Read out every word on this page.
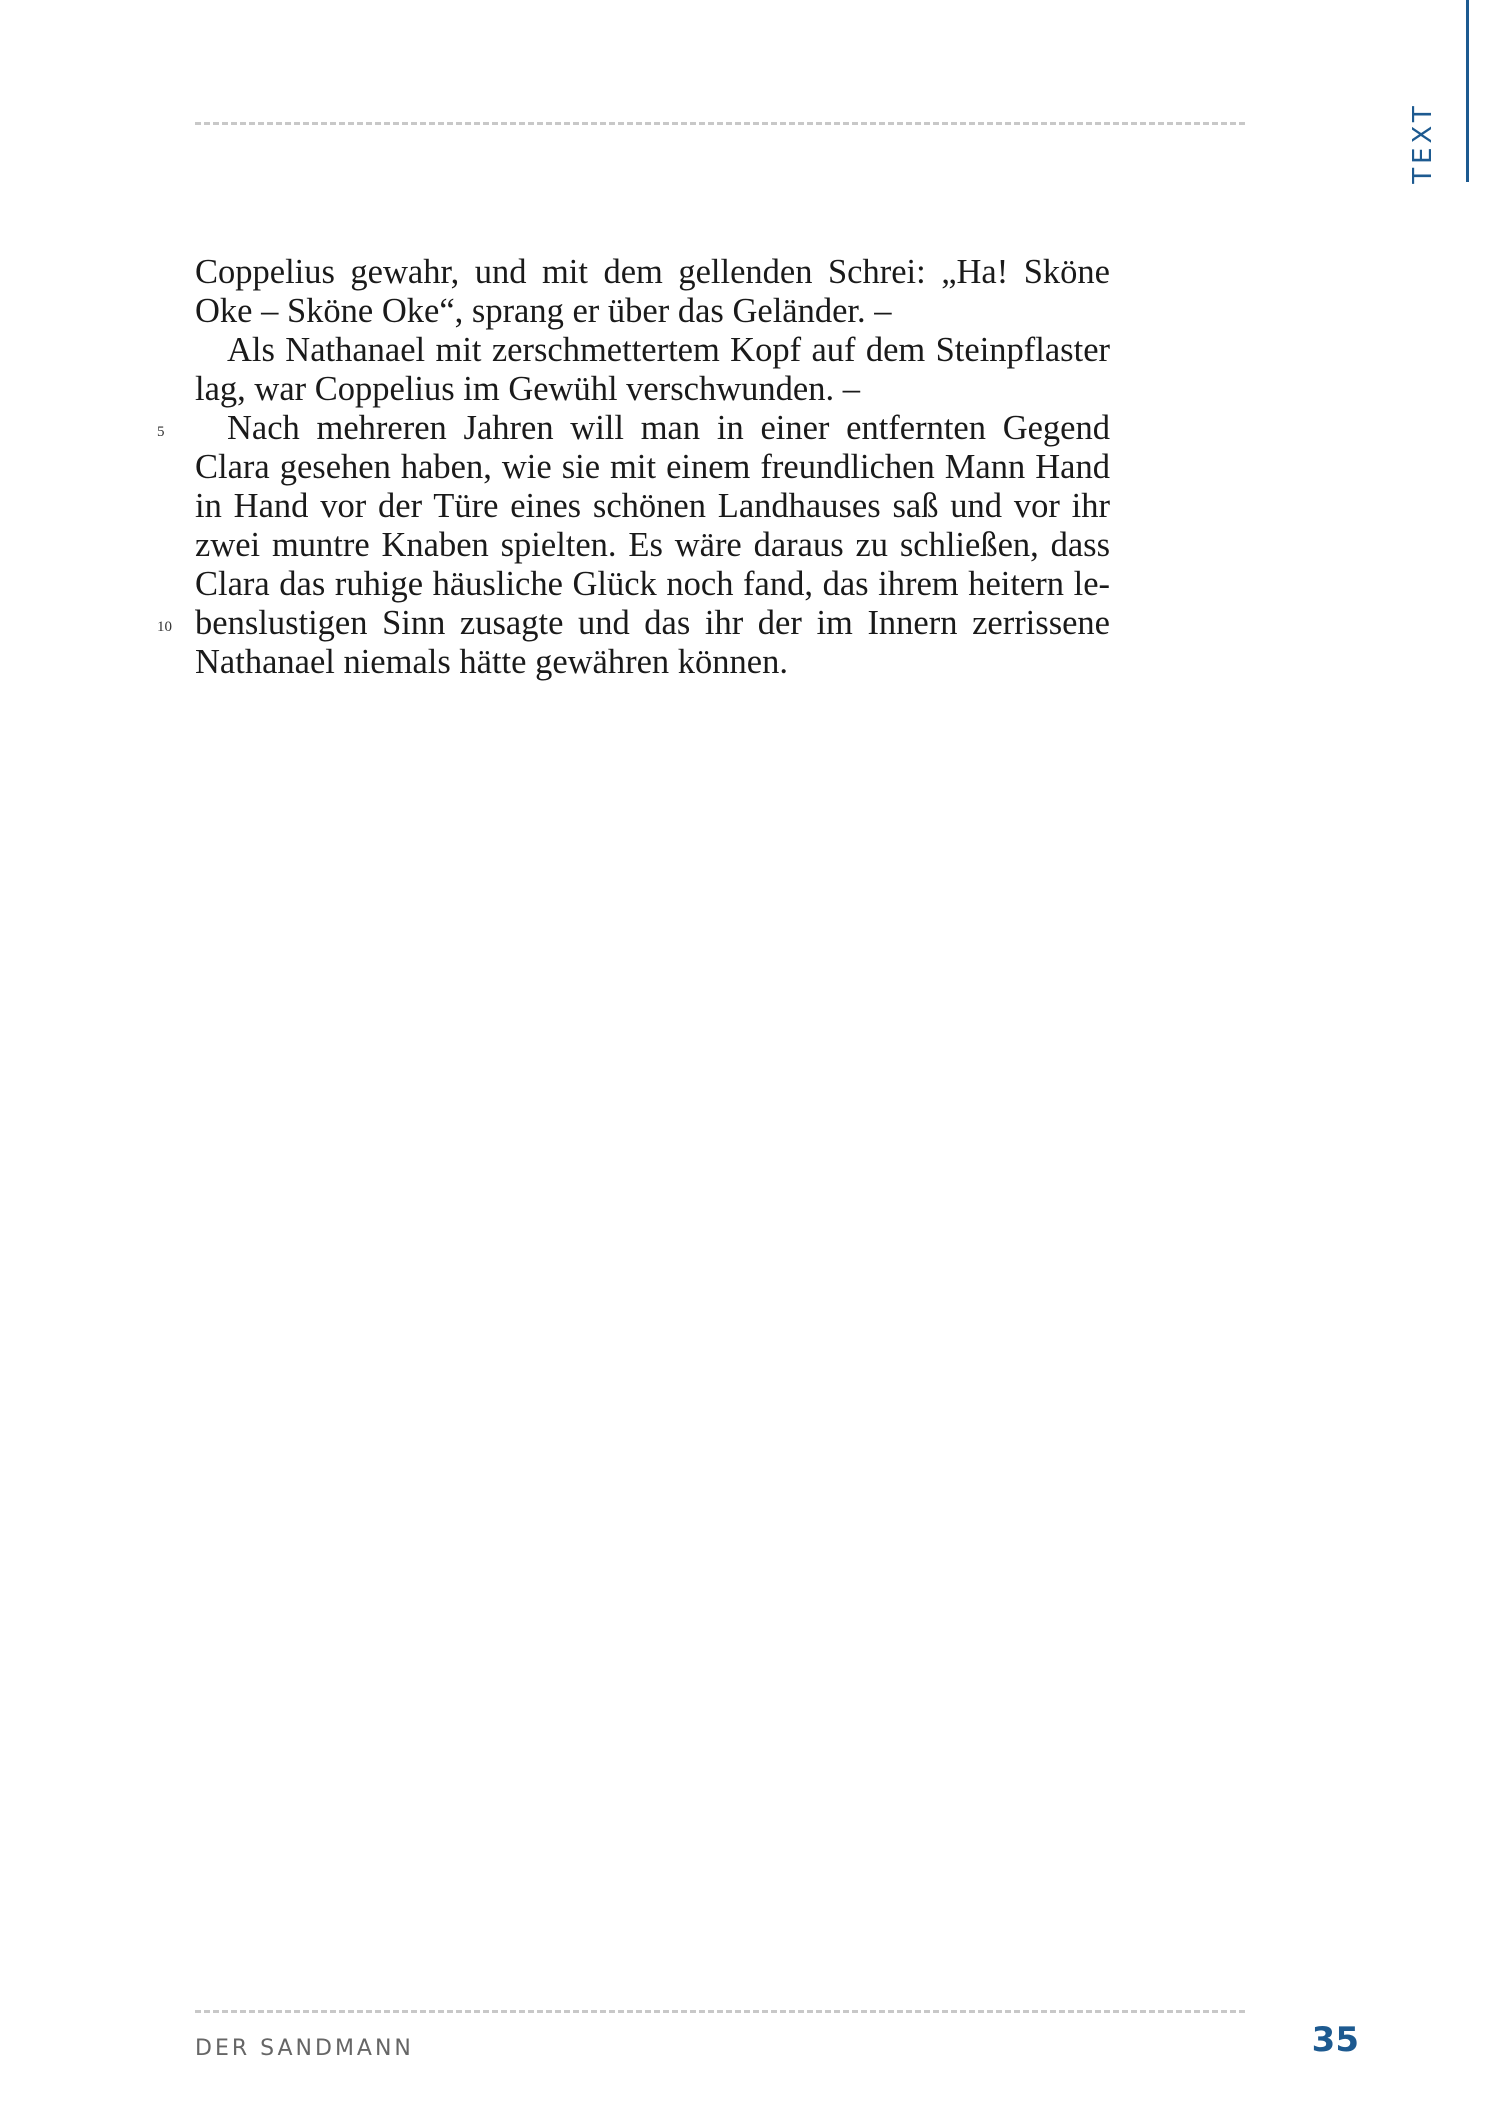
TEXT
Coppelius gewahr, und mit dem gellenden Schrei: „Ha! Sköne
Oke – Sköne Oke“, sprang er über das Geländer. –
Als Nathanael mit zerschmettertem Kopf auf dem Steinpflaster
lag, war Coppelius im Gewühl verschwunden. –
5 Nach mehreren Jahren will man in einer entfernten Gegend
Clara gesehen haben, wie sie mit einem freundlichen Mann Hand
in Hand vor der Türe eines schönen Landhauses saß und vor ihr
zwei muntre Knaben spielten. Es wäre daraus zu schließen, dass
Clara das ruhige häusliche Glück noch fand, das ihrem heitern le-
10 benslustigen Sinn zusagte und das ihr der im Innern zerrissene
Nathanael niemals hätte gewähren können.
DER SANDMANN	35
